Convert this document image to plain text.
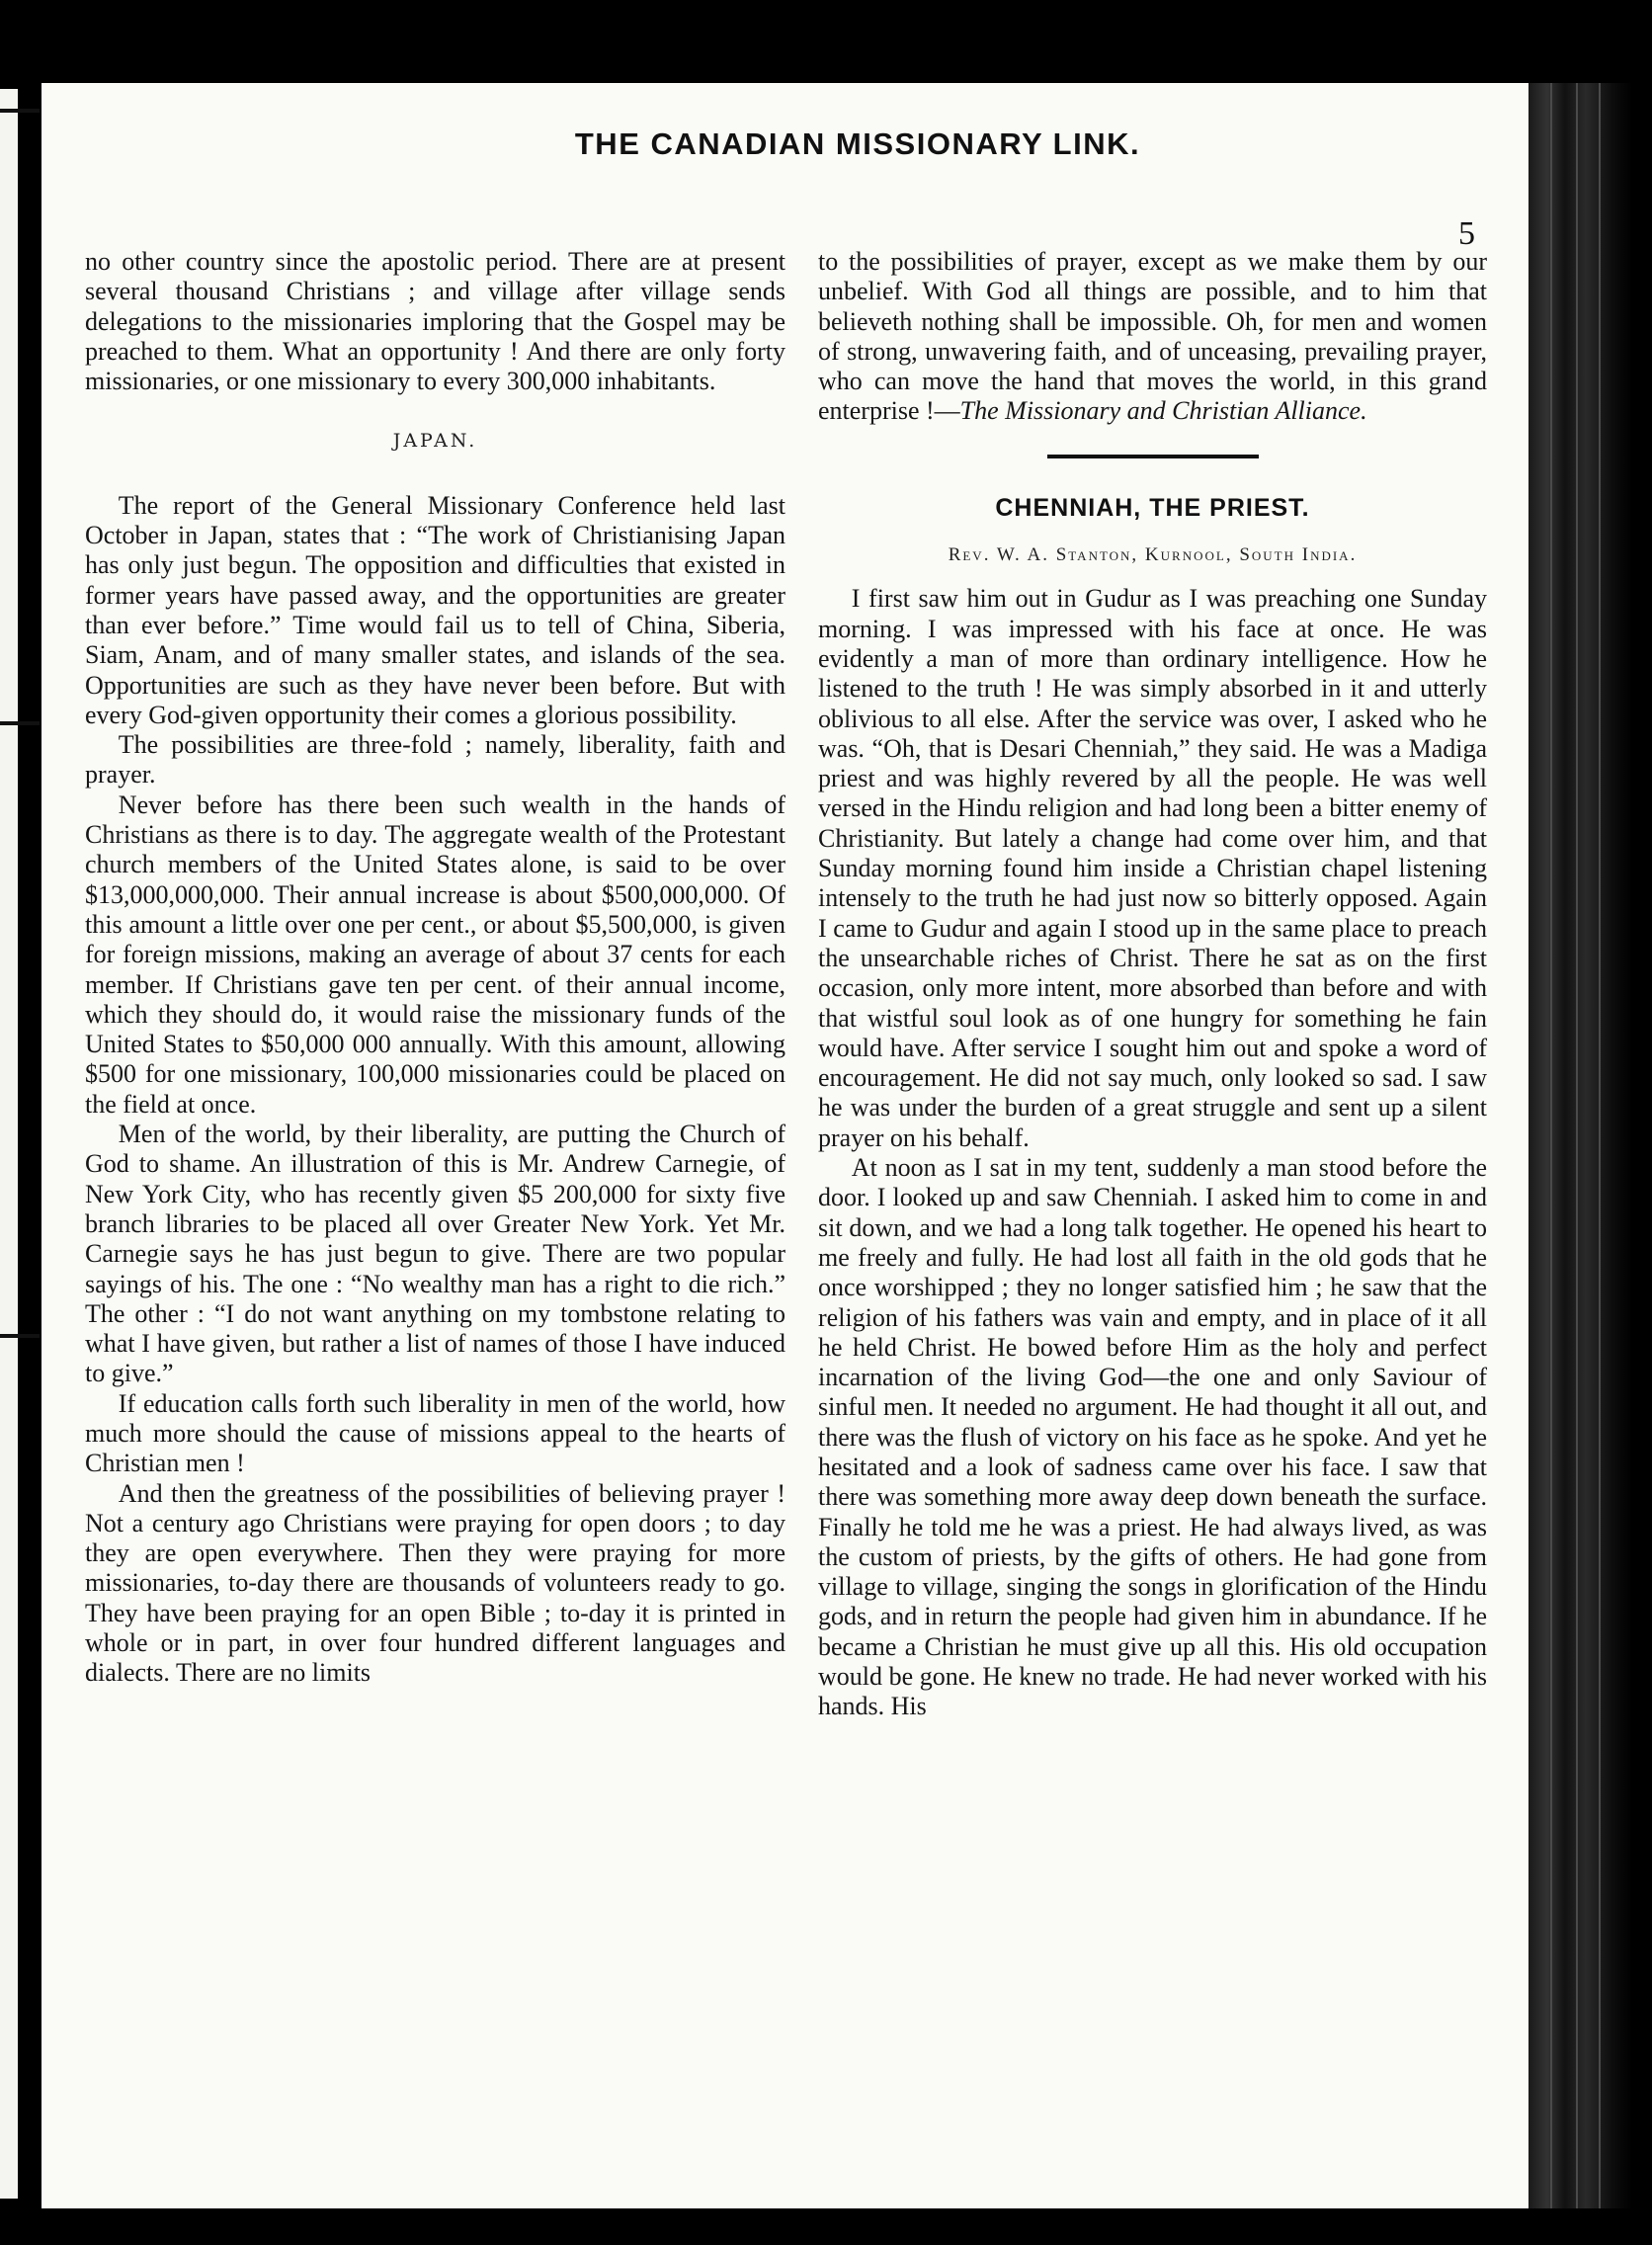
THE CANADIAN MISSIONARY LINK.
5

no other country since the apostolic period. There are at present several thousand Christians ; and village after village sends delegations to the missionaries imploring that the Gospel may be preached to them. What an opportunity ! And there are only forty missionaries, or one missionary to every 300,000 inhabitants.

JAPAN.

The report of the General Missionary Conference held last October in Japan, states that : “The work of Christianising Japan has only just begun. The opposition and difficulties that existed in former years have passed away, and the opportunities are greater than ever before.” Time would fail us to tell of China, Siberia, Siam, Anam, and of many smaller states, and islands of the sea. Opportunities are such as they have never been before. But with every God-given opportunity their comes a glorious possibility.

The possibilities are three-fold ; namely, liberality, faith and prayer.

Never before has there been such wealth in the hands of Christians as there is to day. The aggregate wealth of the Protestant church members of the United States alone, is said to be over $13,000,000,000. Their annual increase is about $500,000,000. Of this amount a little over one per cent., or about $5,500,000, is given for foreign missions, making an average of about 37 cents for each member. If Christians gave ten per cent. of their annual income, which they should do, it would raise the missionary funds of the United States to $50,000 000 annually. With this amount, allowing $500 for one missionary, 100,000 missionaries could be placed on the field at once.

Men of the world, by their liberality, are putting the Church of God to shame. An illustration of this is Mr. Andrew Carnegie, of New York City, who has recently given $5 200,000 for sixty five branch libraries to be placed all over Greater New York. Yet Mr. Carnegie says he has just begun to give. There are two popular sayings of his. The one : “No wealthy man has a right to die rich.” The other : “I do not want anything on my tombstone relating to what I have given, but rather a list of names of those I have induced to give.”

If education calls forth such liberality in men of the world, how much more should the cause of missions appeal to the hearts of Christian men !

And then the greatness of the possibilities of believing prayer ! Not a century ago Christians were praying for open doors ; to day they are open everywhere. Then they were praying for more missionaries, to-day there are thousands of volunteers ready to go. They have been praying for an open Bible ; to-day it is printed in whole or in part, in over four hundred different languages and dialects. There are no limits

to the possibilities of prayer, except as we make them by our unbelief. With God all things are possible, and to him that believeth nothing shall be impossible. Oh, for men and women of strong, unwavering faith, and of unceasing, prevailing prayer, who can move the hand that moves the world, in this grand enterprise !—The Missionary and Christian Alliance.

CHENNIAH, THE PRIEST.
Rev. W. A. Stanton, Kurnool, South India.

I first saw him out in Gudur as I was preaching one Sunday morning. I was impressed with his face at once. He was evidently a man of more than ordinary intelligence. How he listened to the truth ! He was simply absorbed in it and utterly oblivious to all else. After the service was over, I asked who he was. “Oh, that is Desari Chenniah,” they said. He was a Madiga priest and was highly revered by all the people. He was well versed in the Hindu religion and had long been a bitter enemy of Christianity. But lately a change had come over him, and that Sunday morning found him inside a Christian chapel listening intensely to the truth he had just now so bitterly opposed. Again I came to Gudur and again I stood up in the same place to preach the unsearchable riches of Christ. There he sat as on the first occasion, only more intent, more absorbed than before and with that wistful soul look as of one hungry for something he fain would have. After service I sought him out and spoke a word of encouragement. He did not say much, only looked so sad. I saw he was under the burden of a great struggle and sent up a silent prayer on his behalf.

At noon as I sat in my tent, suddenly a man stood before the door. I looked up and saw Chenniah. I asked him to come in and sit down, and we had a long talk together. He opened his heart to me freely and fully. He had lost all faith in the old gods that he once worshipped ; they no longer satisfied him ; he saw that the religion of his fathers was vain and empty, and in place of it all he held Christ. He bowed before Him as the holy and perfect incarnation of the living God—the one and only Saviour of sinful men. It needed no argument. He had thought it all out, and there was the flush of victory on his face as he spoke. And yet he hesitated and a look of sadness came over his face. I saw that there was something more away deep down beneath the surface. Finally he told me he was a priest. He had always lived, as was the custom of priests, by the gifts of others. He had gone from village to village, singing the songs in glorification of the Hindu gods, and in return the people had given him in abundance. If he became a Christian he must give up all this. His old occupation would be gone. He knew no trade. He had never worked with his hands. His
